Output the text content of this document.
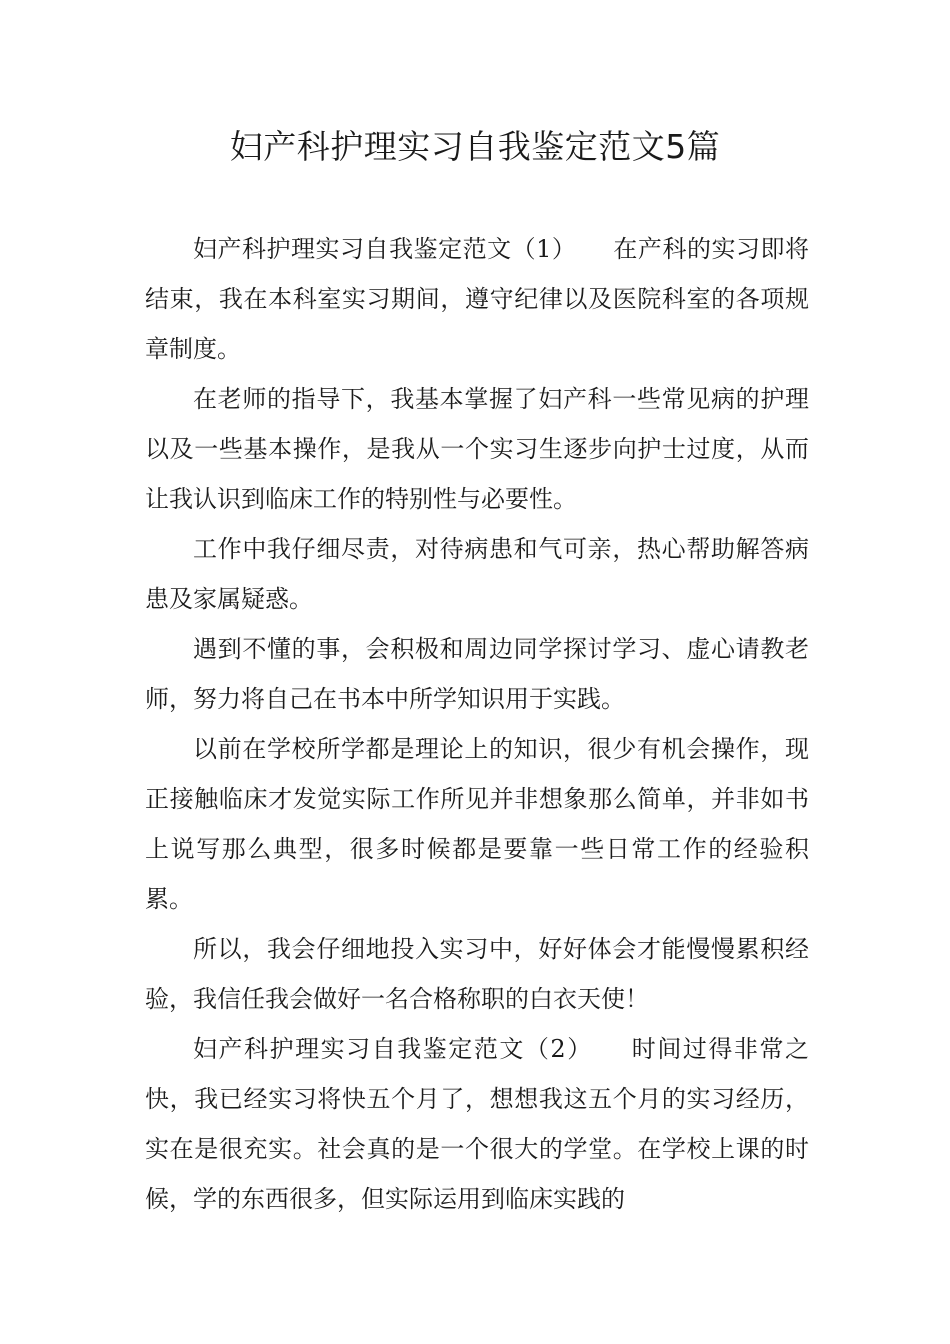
妇产科护理实习自我鉴定范文5篇

妇产科护理实习自我鉴定范文（1）　　在产科的实习即将结束，我在本科室实习期间，遵守纪律以及医院科室的各项规章制度。

在老师的指导下，我基本掌握了妇产科一些常见病的护理以及一些基本操作，是我从一个实习生逐步向护士过度，从而让我认识到临床工作的特别性与必要性。

工作中我仔细尽责，对待病患和气可亲，热心帮助解答病患及家属疑惑。

遇到不懂的事，会积极和周边同学探讨学习、虚心请教老师，努力将自己在书本中所学知识用于实践。

以前在学校所学都是理论上的知识，很少有机会操作，现正接触临床才发觉实际工作所见并非想象那么简单，并非如书上说写那么典型，很多时候都是要靠一些日常工作的经验积累。

所以，我会仔细地投入实习中，好好体会才能慢慢累积经验，我信任我会做好一名合格称职的白衣天使！

妇产科护理实习自我鉴定范文（2）　　时间过得非常之快，我已经实习将快五个月了，想想我这五个月的实习经历，实在是很充实。社会真的是一个很大的学堂。在学校上课的时候，学的东西很多，但实际运用到临床实践的
